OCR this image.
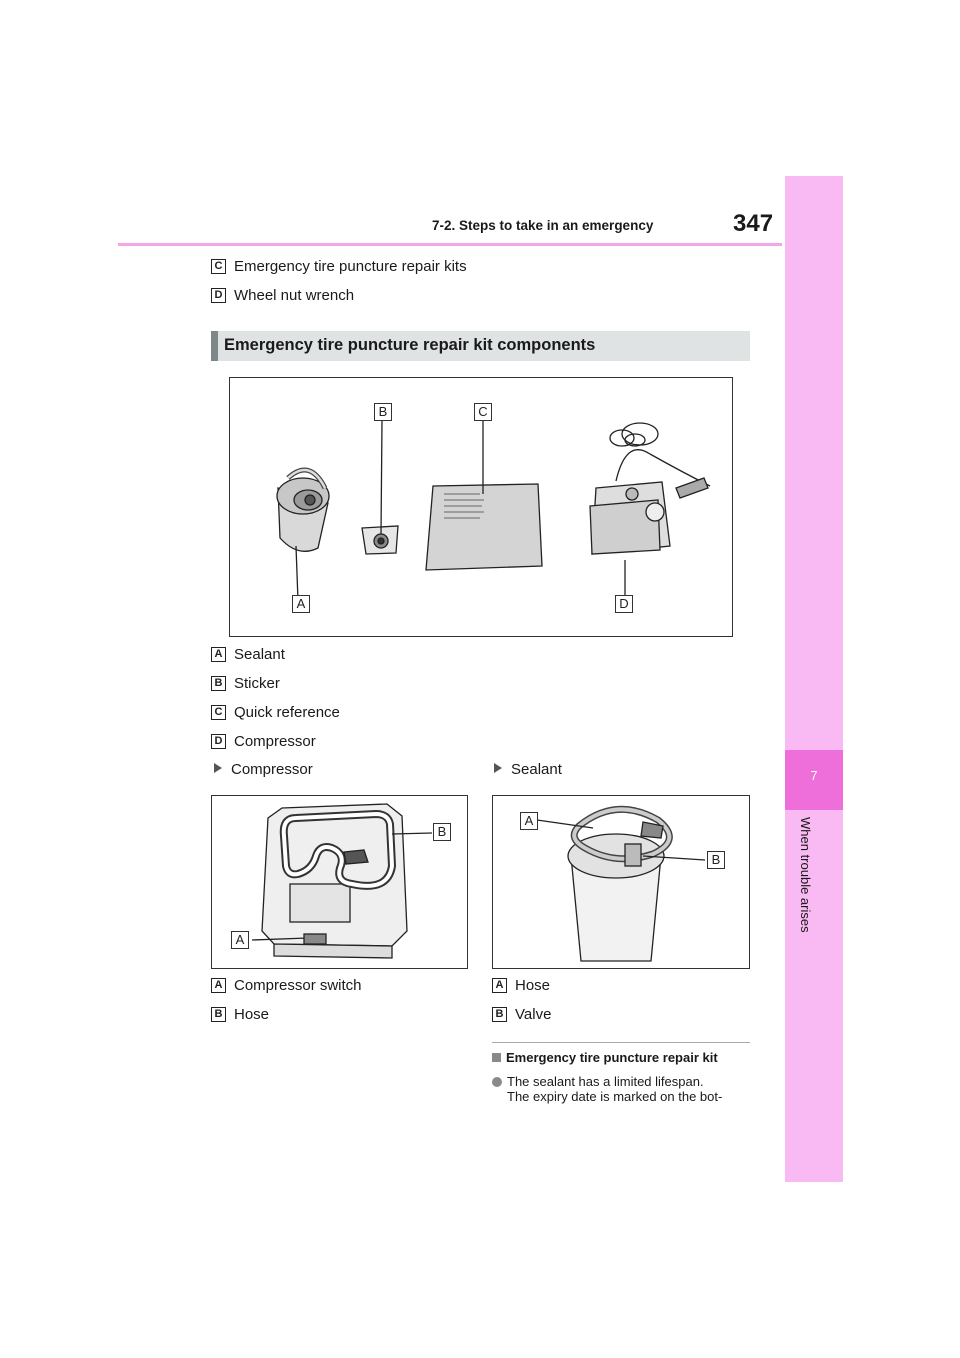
7-2. Steps to take in an emergency	347
7
When trouble arises
C Emergency tire puncture repair kits
D Wheel nut wrench
Emergency tire puncture repair kit components
A
B	C
D
A Sealant
B Sticker
C Quick reference
D Compressor
Compressor	Sealant
B
A
A
B
A Compressor switch
B Hose
A Hose
B Valve
Emergency tire puncture repair kit
The sealant has a limited lifespan.
The expiry date is marked on the bot-
